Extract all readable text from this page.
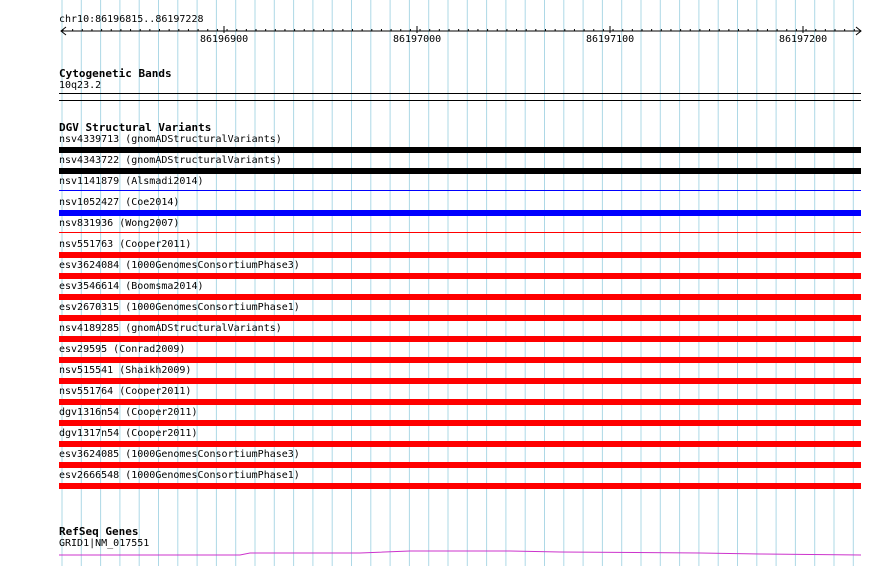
chr10:86196815..86197228
86196900	86197000	86197100	86197200
Cytogenetic Bands
10q23.2
DGV Structural Variants
nsv4339713 (gnomADStructuralVariants)
nsv4343722 (gnomADStructuralVariants)
nsv1141879 (Alsmadi2014)
nsv1052427 (Coe2014)
nsv831936 (Wong2007)
nsv551763 (Cooper2011)
esv3624084 (1000GenomesConsortiumPhase3)
esv3546614 (Boomsma2014)
esv2670315 (1000GenomesConsortiumPhase1)
nsv4189285 (gnomADStructuralVariants)
esv29595 (Conrad2009)
nsv515541 (Shaikh2009)
nsv551764 (Cooper2011)
dgv1316n54 (Cooper2011)
dgv1317n54 (Cooper2011)
esv3624085 (1000GenomesConsortiumPhase3)
esv2666548 (1000GenomesConsortiumPhase1)
RefSeq Genes
GRID1|NM_017551
